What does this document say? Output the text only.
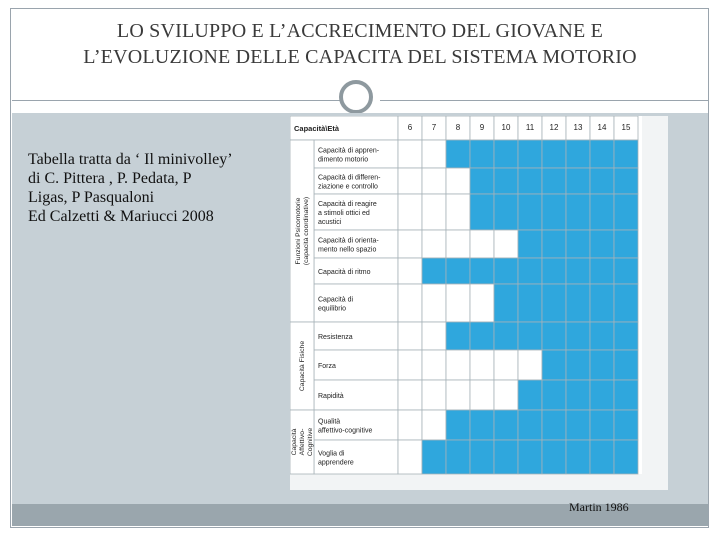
LO SVILUPPO E L’ACCRECIMENTO DEL GIOVANE E
L’EVOLUZIONE DELLE CAPACITA DEL SISTEMA MOTORIO
Tabella tratta da ‘ Il minivolley’
di C. Pittera , P. Pedata, P
Ligas, P Pasqualoni
Ed Calzetti & Mariucci 2008
Capacità\Età	6 7 8 9 10 11 12 13 14 15
Capacità di appren-
dimento motorio
Capacità di differen-
ziazione e controllo
Capacità di reagire
a stimoli ottici ed
acustici
Capacità di orienta-
mento nello spazio
Capacità di ritmo
Capacità di
equilibrio
Resistenza
Forza
Rapidità
Qualità
affettivo-cognitive
Voglia di
apprendere
Funzioni Psicomotorie (capacità coordinative)
Capacità Fisiche
Capacità Affettivo- Cognitive
Martin 1986
